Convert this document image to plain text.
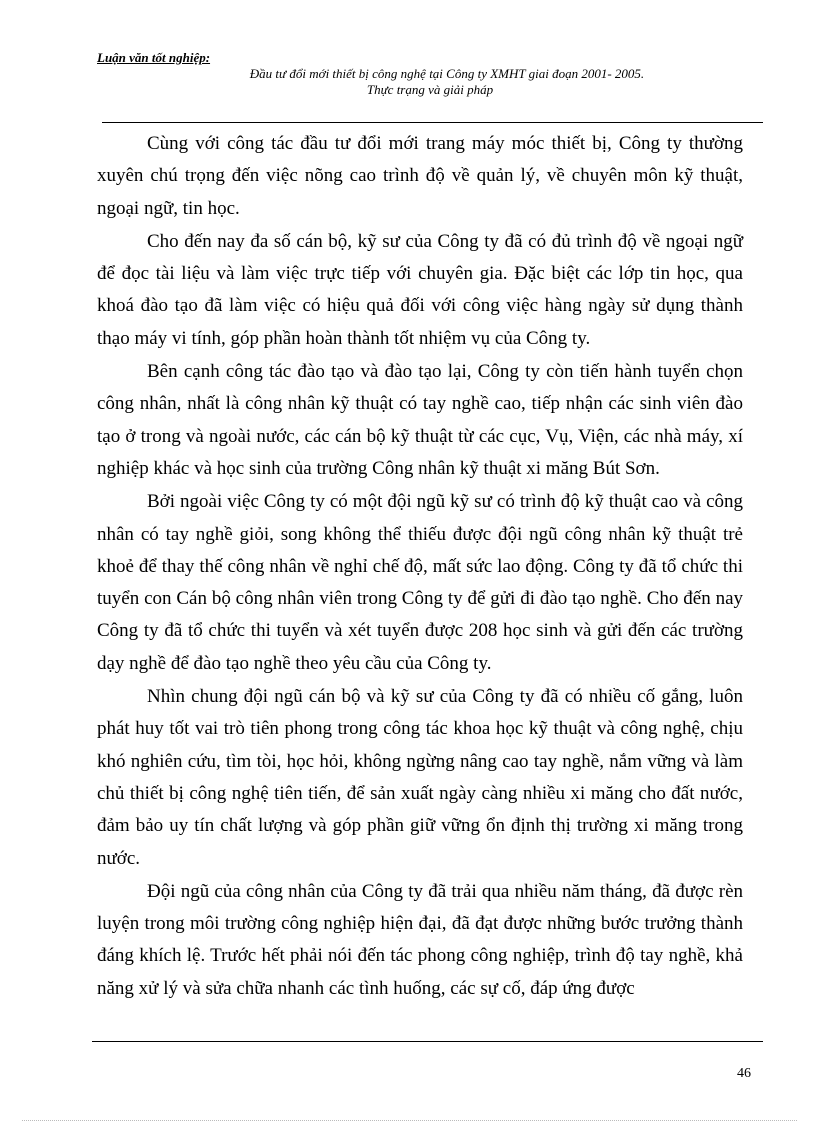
Luận văn tốt nghiệp:
Đầu tư đổi mới thiết bị công nghệ tại Công ty XMHT giai đoạn 2001- 2005.
Thực trạng và giải pháp

Cùng với công tác đầu tư đổi mới trang máy móc thiết bị, Công ty thường xuyên chú trọng đến việc nõng cao trình độ về quản lý, về chuyên môn kỹ thuật, ngoại ngữ, tin học.

Cho đến nay đa số cán bộ, kỹ sư của Công ty đã có đủ trình độ về ngoại ngữ để đọc tài liệu và làm việc trực tiếp với chuyên gia. Đặc biệt các lớp tin học, qua khoá đào tạo đã làm việc có hiệu quả đối với công việc hàng ngày sử dụng thành thạo máy vi tính, góp phần hoàn thành tốt nhiệm vụ của Công ty.

Bên cạnh công tác đào tạo và đào tạo lại, Công ty còn tiến hành tuyển chọn công nhân, nhất là công nhân kỹ thuật có tay nghề cao, tiếp nhận các sinh viên đào tạo ở trong và ngoài nước, các cán bộ kỹ thuật từ các cục, Vụ, Viện, các nhà máy, xí nghiệp khác và học sinh của trường Công nhân kỹ thuật xi măng Bút Sơn.

Bởi ngoài việc Công ty có một đội ngũ kỹ sư có trình độ kỹ thuật cao và công nhân có tay nghề giỏi, song không thể thiếu được đội ngũ công nhân kỹ thuật trẻ khoẻ để thay thế công nhân về nghỉ chế độ, mất sức lao động. Công ty đã tổ chức thi tuyển con Cán bộ công nhân viên trong Công ty để gửi đi đào tạo nghề. Cho đến nay Công ty đã tổ chức thi tuyển và xét tuyển được 208 học sinh và gửi đến các trường dạy nghề để đào tạo nghề theo yêu cầu của Công ty.

Nhìn chung đội ngũ cán bộ và kỹ sư của Công ty đã có nhiều cố gắng, luôn phát huy tốt vai trò tiên phong trong công tác khoa học kỹ thuật và công nghệ, chịu khó nghiên cứu, tìm tòi, học hỏi, không ngừng nâng cao tay nghề, nắm vững và làm chủ thiết bị công nghệ tiên tiến, để sản xuất ngày càng nhiều xi măng cho đất nước, đảm bảo uy tín chất lượng và góp phần giữ vững ổn định thị trường xi măng trong nước.

Đội ngũ của công nhân của Công ty đã trải qua nhiều năm tháng, đã được rèn luyện trong môi trường công nghiệp hiện đại, đã đạt được những bước trưởng thành đáng khích lệ. Trước hết phải nói đến tác phong công nghiệp, trình độ tay nghề, khả năng xử lý và sửa chữa nhanh các tình huống, các sự cố, đáp ứng được

46
